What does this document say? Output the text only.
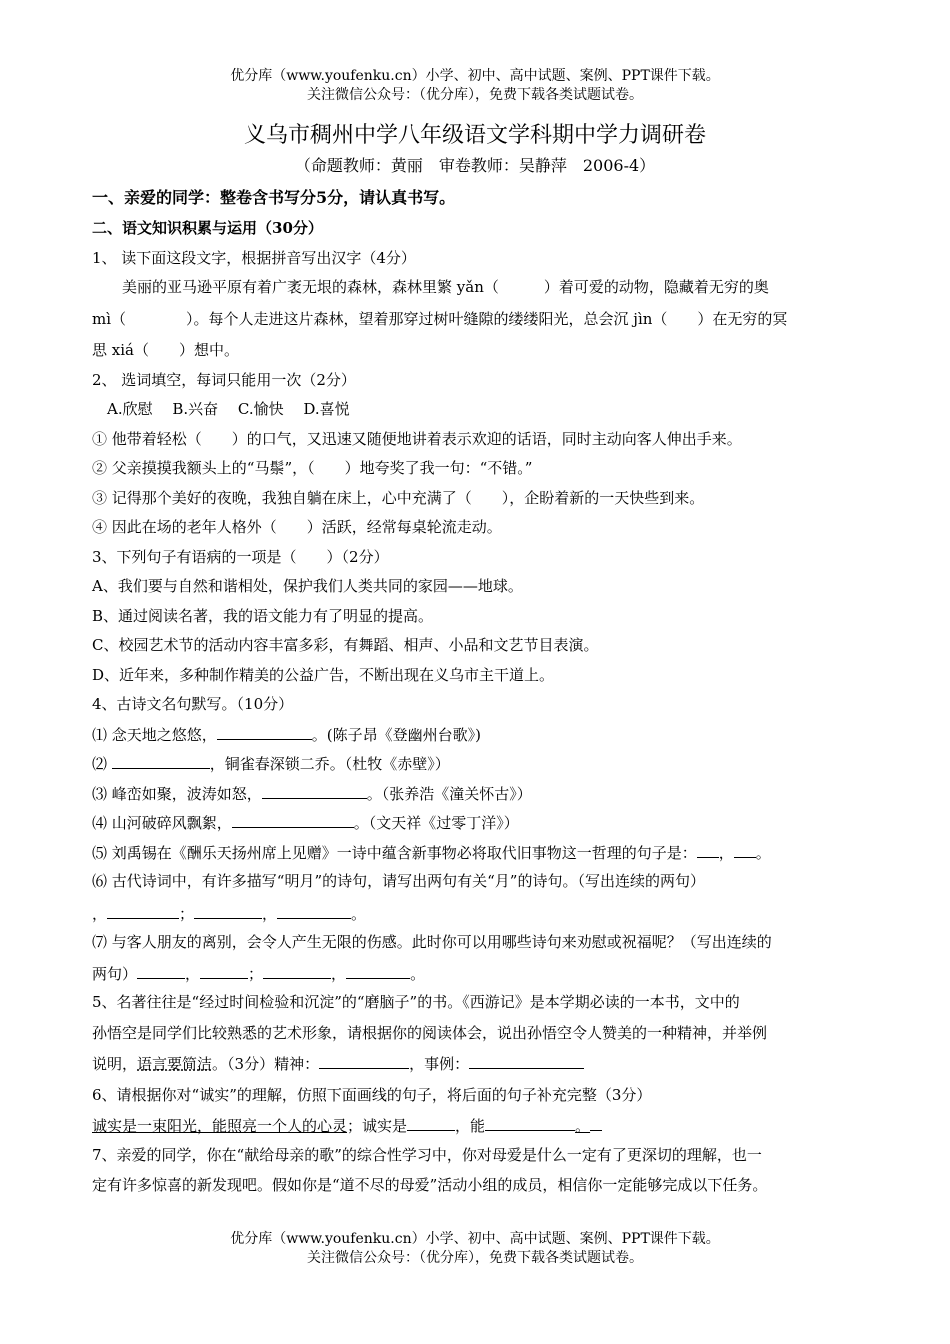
优分库（www.youfenku.cn）小学、初中、高中试题、案例、PPT课件下载。
关注微信公众号：（优分库），免费下载各类试题试卷。
义乌市稠州中学八年级语文学科期中学力调研卷
（命题教师：黄丽　审卷教师：吴静萍　2006-4）
一、亲爱的同学：整卷含书写分5分，请认真书写。
二、语文知识积累与运用（30分）
1、 读下面这段文字，根据拼音写出汉字（4分）
　　美丽的亚马逊平原有着广袤无垠的森林，森林里繁 yǎn（　　　）着可爱的动物，隐藏着无穷的奥
mì（　　　　）。每个人走进这片森林，望着那穿过树叶缝隙的缕缕阳光，总会沉 jìn（　　）在无穷的冥
思 xiá（　　）想中。
2、 选词填空，每词只能用一次（2分）
　A.欣慰　 B.兴奋　 C.愉快　 D.喜悦
① 他带着轻松（　　）的口气，又迅速又随便地讲着表示欢迎的话语，同时主动向客人伸出手来。
② 父亲摸摸我额头上的“马鬃”，（　　）地夸奖了我一句：“不错。”
③ 记得那个美好的夜晚，我独自躺在床上，心中充满了（　　），企盼着新的一天快些到来。
④ 因此在场的老年人格外（　　）活跃，经常每桌轮流走动。
3、下列句子有语病的一项是（　　）（2分）
A、我们要与自然和谐相处，保护我们人类共同的家园——地球。
B、通过阅读名著，我的语文能力有了明显的提高。
C、校园艺术节的活动内容丰富多彩，有舞蹈、相声、小品和文艺节目表演。
D、近年来，多种制作精美的公益广告，不断出现在义乌市主干道上。
4、古诗文名句默写。（10分）
⑴ 念天地之悠悠，	。(陈子昂《登幽州台歌》)
⑵	，铜雀春深锁二乔。（杜牧《赤壁》）
⑶ 峰峦如聚，波涛如怒，	。（张养浩《潼关怀古》）
⑷ 山河破碎风飘絮，	。（文天祥《过零丁洋》）
⑸ 刘禹锡在《酬乐天扬州席上见赠》一诗中蕴含新事物必将取代旧事物这一哲理的句子是： ， 。
⑹ 古代诗词中，有许多描写“明月”的诗句，请写出两句有关“月”的诗句。（写出连续的两句）
，	；	，	。
⑺ 与客人朋友的离别，会令人产生无限的伤感。此时你可以用哪些诗句来劝慰或祝福呢？（写出连续的
两句）	，	；	，	。
5、名著往往是“经过时间检验和沉淀”的“磨脑子”的书。《西游记》是本学期必读的一本书，文中的
孙悟空是同学们比较熟悉的艺术形象，请根据你的阅读体会，说出孙悟空令人赞美的一种精神，并举例
说明，语言要简洁。（3分）精神：	，事例：
6、请根据你对“诚实”的理解，仿照下面画线的句子，将后面的句子补充完整（3分）
诚实是一束阳光，能照亮一个人的心灵；诚实是	，能	。
7、亲爱的同学，你在“献给母亲的歌”的综合性学习中，你对母爱是什么一定有了更深切的理解，也一
定有许多惊喜的新发现吧。假如你是“道不尽的母爱”活动小组的成员，相信你一定能够完成以下任务。
优分库（www.youfenku.cn）小学、初中、高中试题、案例、PPT课件下载。
关注微信公众号：（优分库），免费下载各类试题试卷。
